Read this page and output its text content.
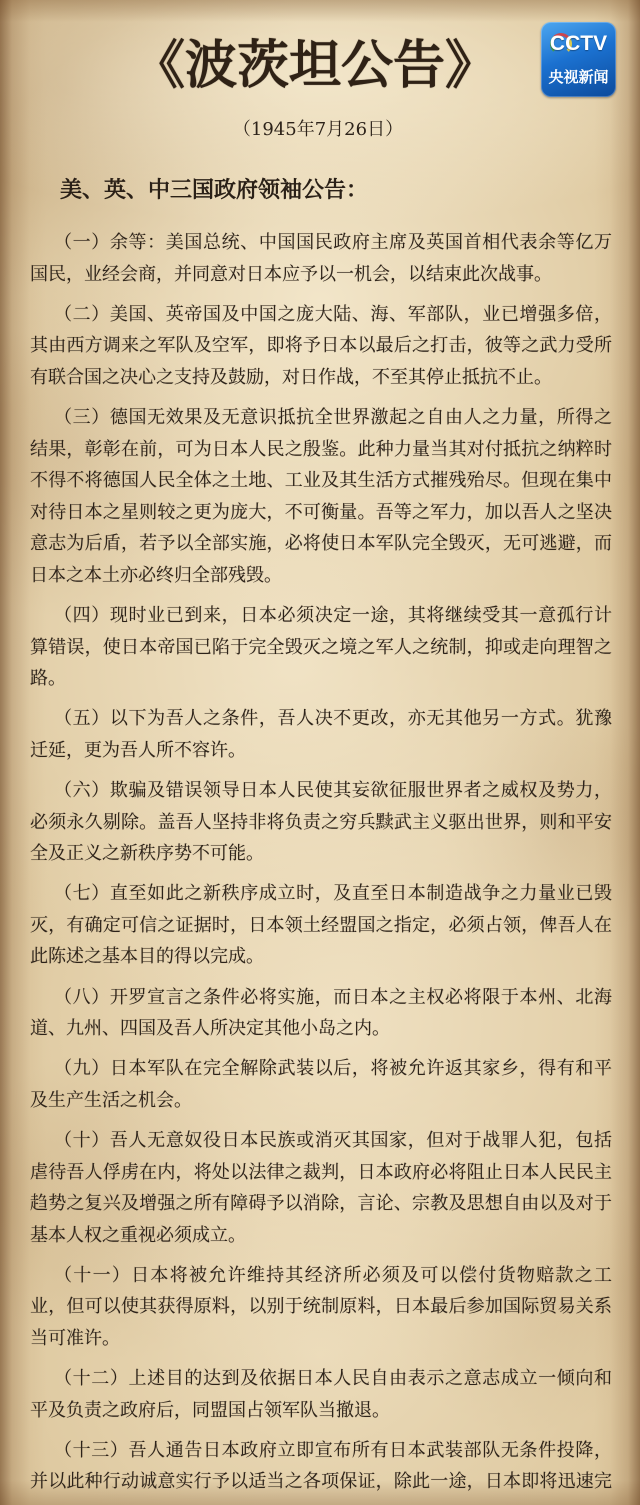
《波茨坦公告》	CCTV
央视新闻
（1945年7月26日）
美、英、中三国政府领袖公告：
（一）余等：美国总统、中国国民政府主席及英国首相代表余等亿万
国民，业经会商，并同意对日本应予以一机会，以结束此次战事。
（二）美国、英帝国及中国之庞大陆、海、军部队，业已增强多倍，
其由西方调来之军队及空军，即将予日本以最后之打击，彼等之武力受所
有联合国之决心之支持及鼓励，对日作战，不至其停止抵抗不止。
（三）德国无效果及无意识抵抗全世界激起之自由人之力量，所得之
结果，彰彰在前，可为日本人民之殷鉴。此种力量当其对付抵抗之纳粹时
不得不将德国人民全体之土地、工业及其生活方式摧残殆尽。但现在集中
对待日本之星则较之更为庞大，不可衡量。吾等之军力，加以吾人之坚决
意志为后盾，若予以全部实施，必将使日本军队完全毁灭，无可逃避，而
日本之本土亦必终归全部残毁。
（四）现时业已到来，日本必须决定一途，其将继续受其一意孤行计
算错误，使日本帝国已陷于完全毁灭之境之军人之统制，抑或走向理智之
路。
（五）以下为吾人之条件，吾人决不更改，亦无其他另一方式。犹豫
迁延，更为吾人所不容许。
（六）欺骗及错误领导日本人民使其妄欲征服世界者之威权及势力，
必须永久剔除。盖吾人坚持非将负责之穷兵黩武主义驱出世界，则和平安
全及正义之新秩序势不可能。
（七）直至如此之新秩序成立时，及直至日本制造战争之力量业已毁
灭，有确定可信之证据时，日本领土经盟国之指定，必须占领，俾吾人在
此陈述之基本目的得以完成。
（八）开罗宣言之条件必将实施，而日本之主权必将限于本州、北海
道、九州、四国及吾人所决定其他小岛之内。
（九）日本军队在完全解除武装以后，将被允许返其家乡，得有和平
及生产生活之机会。
（十）吾人无意奴役日本民族或消灭其国家，但对于战罪人犯，包括
虐待吾人俘虏在内，将处以法律之裁判，日本政府必将阻止日本人民民主
趋势之复兴及增强之所有障碍予以消除，言论、宗教及思想自由以及对于
基本人权之重视必须成立。
（十一）日本将被允许维持其经济所必须及可以偿付货物赔款之工
业，但可以使其获得原料，以别于统制原料，日本最后参加国际贸易关系
当可准许。
（十二）上述目的达到及依据日本人民自由表示之意志成立一倾向和
平及负责之政府后，同盟国占领军队当撤退。
（十三）吾人通告日本政府立即宣布所有日本武装部队无条件投降，
并以此种行动诚意实行予以适当之各项保证，除此一途，日本即将迅速完
